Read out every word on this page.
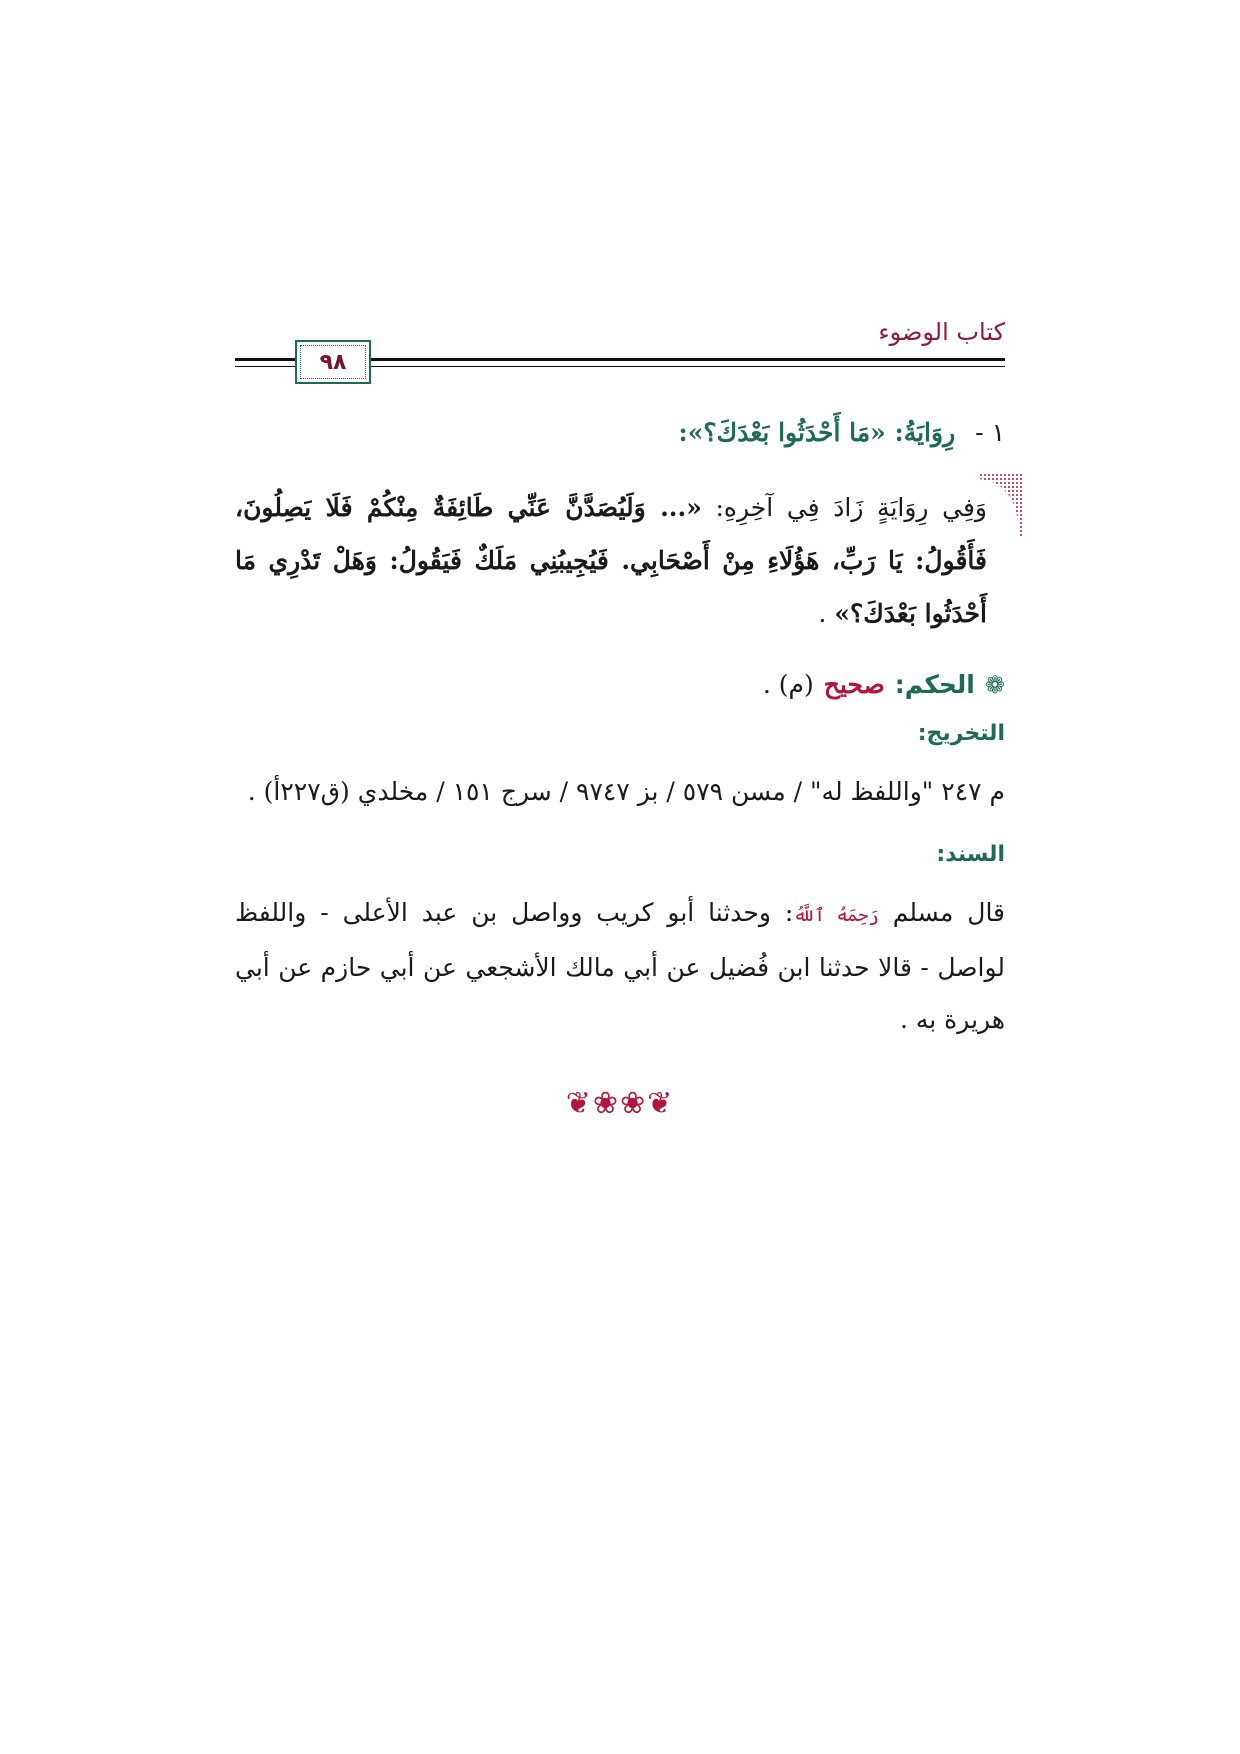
كتاب الوضوء
٩٨
١ -
رِوَايَةُ: «مَا أَحْدَثُوا بَعْدَكَ؟»:
وَفِي رِوَايَةٍ زَادَ فِي آخِرِهِ: «... وَلَيُصَدَّنَّ عَنِّي طَائِفَةٌ مِنْكُمْ فَلَا يَصِلُونَ، فَأَقُولُ: يَا رَبِّ، هَؤُلَاءِ مِنْ أَصْحَابِي. فَيُجِيبُنِي مَلَكٌ فَيَقُولُ: وَهَلْ تَدْرِي مَا أَحْدَثُوا بَعْدَكَ؟» .
❁
الحكم:
صحيح
(م) .
التخريج:
م ٢٤٧ "واللفظ له" / مسن ٥٧٩ / بز ٩٧٤٧ / سرج ١٥١ / مخلدي (ق٢٢٧أ) .
السند:
قال مسلم رَحِمَهُ ٱللَّهُ: وحدثنا أبو كريب وواصل بن عبد الأعلى - واللفظ لواصل - قالا حدثنا ابن فُضيل عن أبي مالك الأشجعي عن أبي حازم عن أبي هريرة به .
❦❀❀❦
